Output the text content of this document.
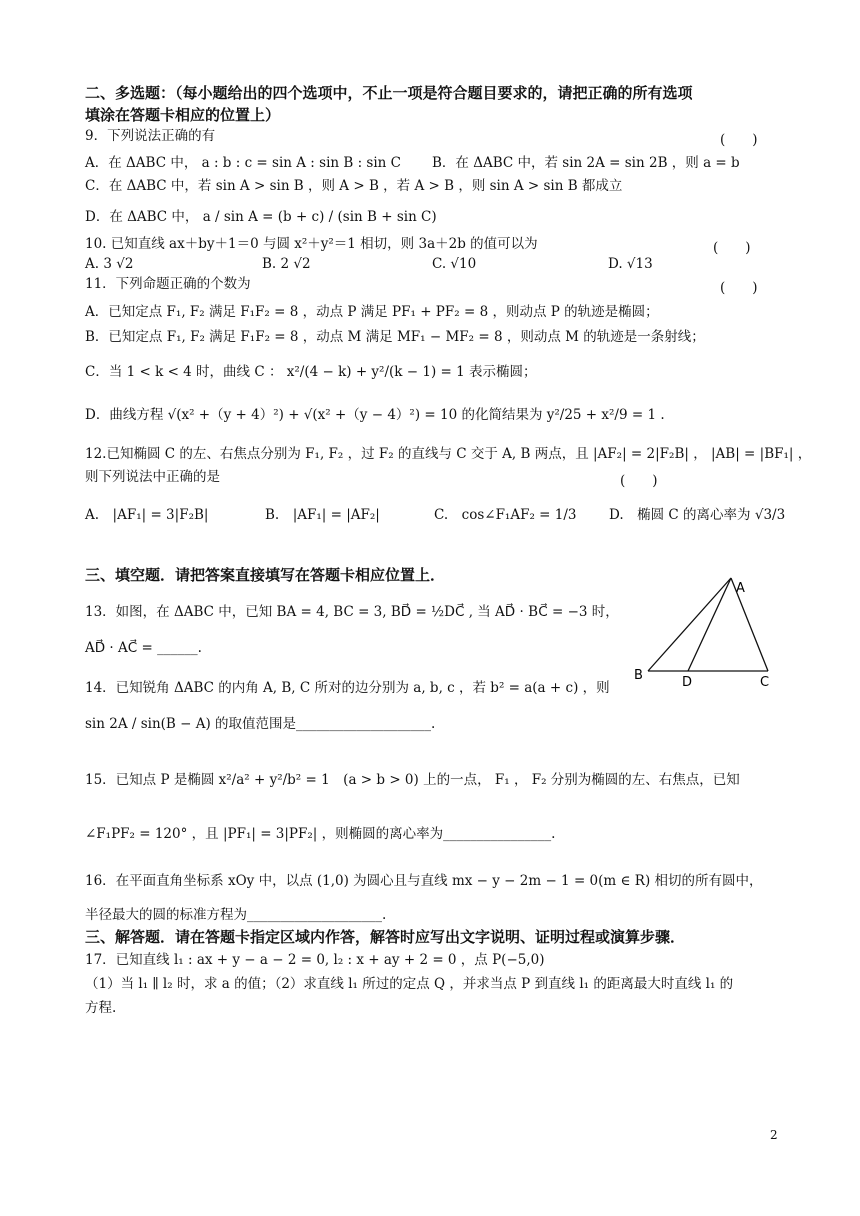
二、多选题：（每小题给出的四个选项中，不止一项是符合题目要求的，请把正确的所有选项
填涂在答题卡相应的位置上）
9．下列说法正确的有	(　　)
A．在 ΔABC 中， a : b : c = sin A : sin B : sin C B．在 ΔABC 中，若 sin 2A = sin 2B ，则 a = b
C．在 ΔABC 中，若 sin A > sin B ，则 A > B ，若 A > B ，则 sin A > sin B 都成立
D．在 ΔABC 中， a / sin A = (b + c) / (sin B + sin C)
10. 已知直线 ax＋by＋1＝0 与圆 x²＋y²＝1 相切，则 3a＋2b 的值可以为	(　　)
A. 3 √2	B. 2 √2	C. √10	D. √13
11．下列命题正确的个数为	(　　)
A．已知定点 F₁, F₂ 满足 F₁F₂ = 8 ，动点 P 满足 PF₁ + PF₂ = 8 ，则动点 P 的轨迹是椭圆；
B．已知定点 F₁, F₂ 满足 F₁F₂ = 8 ，动点 M 满足 MF₁ − MF₂ = 8 ，则动点 M 的轨迹是一条射线；
C．当 1 < k < 4 时，曲线 C ： x²/(4 − k) + y²/(k − 1) = 1 表示椭圆；
D．曲线方程 √(x² +（y + 4）²) + √(x² +（y − 4）²) = 10 的化简结果为 y²/25 + x²/9 = 1 .
12.已知椭圆 C 的左、右焦点分别为 F₁, F₂ ，过 F₂ 的直线与 C 交于 A, B 两点，且 |AF₂| = 2|F₂B| ， |AB| = |BF₁| ，
则下列说法中正确的是	(　　)
A.　|AF₁| = 3|F₂B|	B.　|AF₁| = |AF₂|	C.　cos∠F₁AF₂ = 1/3 D.　椭圆 C 的离心率为 √3/3
三、填空题．请把答案直接填写在答题卡相应位置上．
13．如图，在 ΔABC 中，已知 BA = 4, BC = 3, BD⃗ = ½DC⃗ , 当 AD⃗ · BC⃗ = −3 时，
AD⃗ · AC⃗ = ______.
A
B	D	C
14．已知锐角 ΔABC 的内角 A, B, C 所对的边分别为 a, b, c ，若 b² = a(a + c) ，则
sin 2A / sin(B − A) 的取值范围是____________________.
15．已知点 P 是椭圆 x²/a² + y²/b² = 1　(a > b > 0) 上的一点， F₁ ， F₂ 分别为椭圆的左、右焦点，已知
∠F₁PF₂ = 120° ，且 |PF₁| = 3|PF₂| ，则椭圆的离心率为________________.
16．在平面直角坐标系 xOy 中，以点 (1,0) 为圆心且与直线 mx − y − 2m − 1 = 0(m ∈ R) 相切的所有圆中，
半径最大的圆的标准方程为____________________.
三、解答题．请在答题卡指定区域内作答，解答时应写出文字说明、证明过程或演算步骤．
17．已知直线 l₁ : ax + y − a − 2 = 0, l₂ : x + ay + 2 = 0 ，点 P(−5,0)
（1）当 l₁ ∥ l₂ 时，求 a 的值；（2）求直线 l₁ 所过的定点 Q ，并求当点 P 到直线 l₁ 的距离最大时直线 l₁ 的
方程.
2
